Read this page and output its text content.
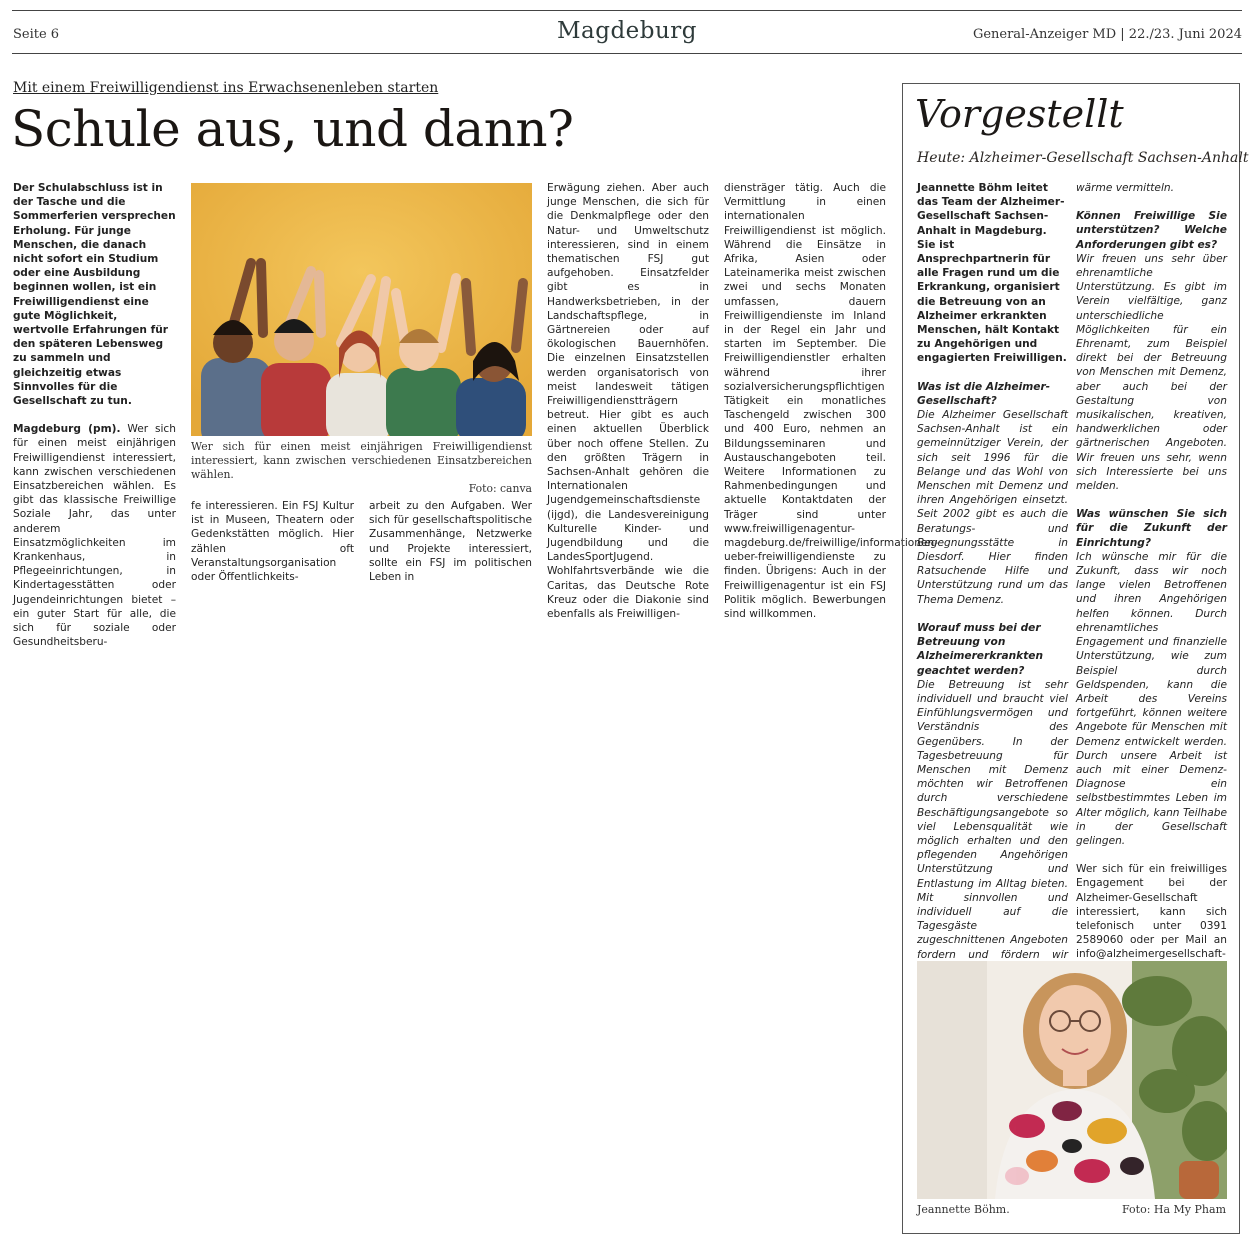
Seite 6	Magdeburg	General-Anzeiger MD | 22./23. Juni 2024
Mit einem Freiwilligendienst ins Erwachsenenleben starten
Schule aus, und dann?

Der Schulabschluss ist in der Tasche und die Sommerferien versprechen Erholung. Für junge Menschen, die danach nicht sofort ein Studium oder eine Ausbildung beginnen wollen, ist ein Freiwilligendienst eine gute Möglichkeit, wertvolle Erfahrungen für den späteren Lebensweg zu sammeln und gleichzeitig etwas Sinnvolles für die Gesellschaft zu tun.

Magdeburg (pm). Wer sich für einen meist einjährigen Freiwilligendienst interessiert, kann zwischen verschiedenen Einsatzbereichen wählen. Es gibt das klassische Freiwillige Soziale Jahr, das unter anderem Einsatzmöglichkeiten im Krankenhaus, in Pflegeeinrichtungen, in Kindertagesstätten oder Jugendeinrichtungen bietet – ein guter Start für alle, die sich für soziale oder Gesundheitsberu-

Wer sich für einen meist einjährigen Freiwilligendienst interessiert, kann zwischen verschiedenen Einsatzbereichen wählen.
Foto: canva
fe interessieren. Ein FSJ Kultur ist in Museen, Theatern oder Gedenkstätten möglich. Hier zählen oft Veranstaltungsorganisation oder Öffentlichkeits-
arbeit zu den Aufgaben. Wer sich für gesellschaftspolitische Zusammenhänge, Netzwerke und Projekte interessiert, sollte ein FSJ im politischen Leben in
Erwägung ziehen. Aber auch junge Menschen, die sich für die Denkmalpflege oder den Natur- und Umweltschutz interessieren, sind in einem thematischen FSJ gut aufgehoben. Einsatzfelder gibt es in Handwerksbetrieben, in der Landschaftspflege, in Gärtnereien oder auf ökologischen Bauernhöfen. Die einzelnen Einsatzstellen werden organisatorisch von meist landesweit tätigen Freiwilligendienstträgern betreut. Hier gibt es auch einen aktuellen Überblick über noch offene Stellen. Zu den größten Trägern in Sachsen-Anhalt gehören die Internationalen Jugendgemeinschaftsdienste (ijgd), die Landesvereinigung Kulturelle Kinder- und Jugendbildung und die LandesSportJugend. Wohlfahrtsverbände wie die Caritas, das Deutsche Rote Kreuz oder die Diakonie sind ebenfalls als Freiwilligen-
diensträger tätig. Auch die Vermittlung in einen internationalen Freiwilligendienst ist möglich. Während die Einsätze in Afrika, Asien oder Lateinamerika meist zwischen zwei und sechs Monaten umfassen, dauern Freiwilligendienste im Inland in der Regel ein Jahr und starten im September. Die Freiwilligendienstler erhalten während ihrer sozialversicherungspflichtigen Tätigkeit ein monatliches Taschengeld zwischen 300 und 400 Euro, nehmen an Bildungsseminaren und Austauschangeboten teil. Weitere Informationen zu Rahmenbedingungen und aktuelle Kontaktdaten der Träger sind unter www.freiwilligenagentur-magdeburg.de/freiwillige/informationen-ueber-freiwilligendienste zu finden. Übrigens: Auch in der Freiwilligenagentur ist ein FSJ Politik möglich. Bewerbungen sind willkommen.
Vorgestellt
Heute: Alzheimer-Gesellschaft Sachsen-Anhalt

Jeannette Böhm leitet das Team der Alzheimer-Gesellschaft Sachsen-Anhalt in Magdeburg. Sie ist Ansprechpartnerin für alle Fragen rund um die Erkrankung, organisiert die Betreuung von an Alzheimer erkrankten Menschen, hält Kontakt zu Angehörigen und engagierten Freiwilligen.

Was ist die Alzheimer-Gesellschaft?

Die Alzheimer Gesellschaft Sachsen-Anhalt ist ein gemeinnütziger Verein, der sich seit 1996 für die Belange und das Wohl von Menschen mit Demenz und ihren Angehörigen einsetzt. Seit 2002 gibt es auch die Beratungs- und Begegnungsstätte in Diesdorf. Hier finden Ratsuchende Hilfe und Unterstützung rund um das Thema Demenz.

Worauf muss bei der Betreuung von Alzheimererkrankten geachtet werden?

Die Betreuung ist sehr individuell und braucht viel Einfühlungsvermögen und Verständnis des Gegenübers. In der Tagesbetreuung für Menschen mit Demenz möchten wir Betroffenen durch verschiedene Beschäftigungsangebote so viel Lebensqualität wie möglich erhalten und den pflegenden Angehörigen Unterstützung und Entlastung im Alltag bieten. Mit sinnvollen und individuell auf die Tagesgäste zugeschnittenen Angeboten fordern und fördern wir

wärme vermitteln.

Können Freiwillige Sie unterstützen? Welche Anforderungen gibt es?

Wir freuen uns sehr über ehrenamtliche Unterstützung. Es gibt im Verein vielfältige, ganz unterschiedliche Möglichkeiten für ein Ehrenamt, zum Beispiel direkt bei der Betreuung von Menschen mit Demenz, aber auch bei der Gestaltung von musikalischen, kreativen, handwerklichen oder gärtnerischen Angeboten. Wir freuen uns sehr, wenn sich Interessierte bei uns melden.

Was wünschen Sie sich für die Zukunft der Einrichtung?

Ich wünsche mir für die Zukunft, dass wir noch lange vielen Betroffenen und ihren Angehörigen helfen können. Durch ehrenamtliches Engagement und finanzielle Unterstützung, wie zum Beispiel durch Geldspenden, kann die Arbeit des Vereins fortgeführt, können weitere Angebote für Menschen mit Demenz entwickelt werden. Durch unsere Arbeit ist auch mit einer Demenz-Diagnose ein selbstbestimmtes Leben im Alter möglich, kann Teilhabe in der Gesellschaft gelingen.

Wer sich für ein freiwilliges Engagement bei der Alzheimer-Gesellschaft interessiert, kann sich telefonisch unter 0391 2589060 oder per Mail an info@alzheimergesellschaft-

Jeannette Böhm.	Foto: Ha My Pham
